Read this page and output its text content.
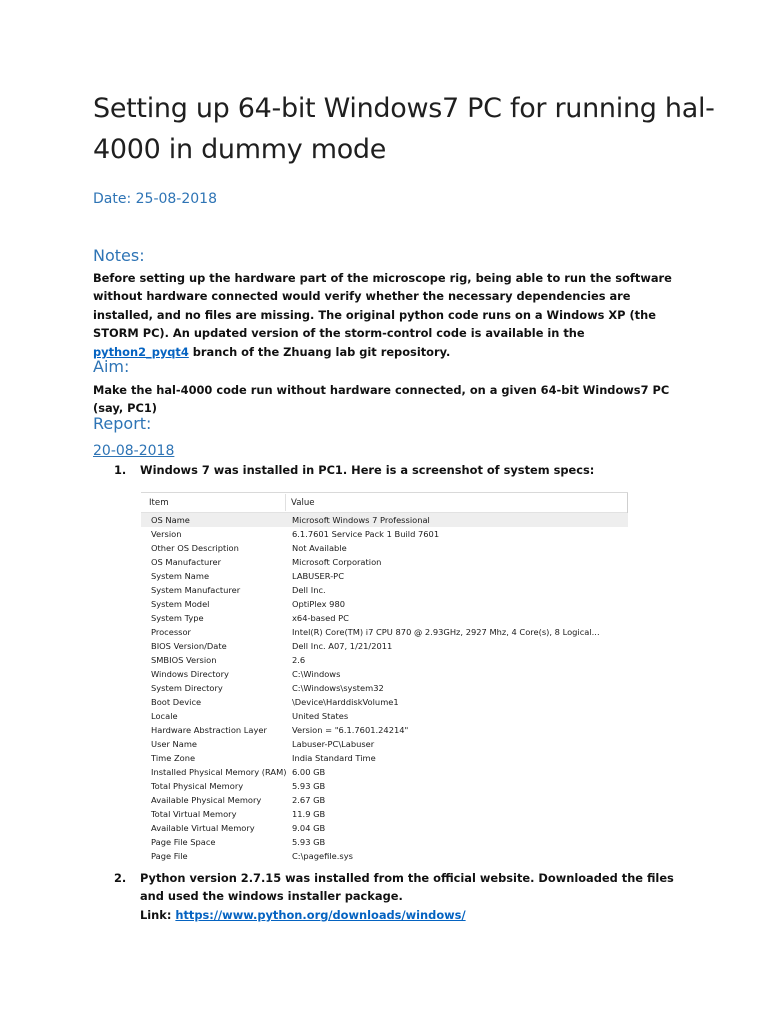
Setting up 64-bit Windows7 PC for running hal-4000 in dummy mode
Date: 25-08-2018
Notes:

Before setting up the hardware part of the microscope rig, being able to run the software without hardware connected would verify whether the necessary dependencies are installed, and no files are missing. The original python code runs on a Windows XP (the STORM PC). An updated version of the storm-control code is available in the python2_pyqt4 branch of the Zhuang lab git repository.

Aim:

Make the hal-4000 code run without hardware connected, on a given 64-bit Windows7 PC (say, PC1)

Report:
20-08-2018
1.	Windows 7 was installed in PC1. Here is a screenshot of system specs:
Item	Value
OS Name	Microsoft Windows 7 Professional
Version	6.1.7601 Service Pack 1 Build 7601
Other OS Description	Not Available
OS Manufacturer	Microsoft Corporation
System Name	LABUSER-PC
System Manufacturer	Dell Inc.
System Model	OptiPlex 980
System Type	x64-based PC
Processor	Intel(R) Core(TM) i7 CPU 870 @ 2.93GHz, 2927 Mhz, 4 Core(s), 8 Logical...
BIOS Version/Date	Dell Inc. A07, 1/21/2011
SMBIOS Version	2.6
Windows Directory	C:\Windows
System Directory	C:\Windows\system32
Boot Device	\Device\HarddiskVolume1
Locale	United States
Hardware Abstraction Layer	Version = "6.1.7601.24214"
User Name	Labuser-PC\Labuser
Time Zone	India Standard Time
Installed Physical Memory (RAM) 6.00 GB
Total Physical Memory	5.93 GB
Available Physical Memory	2.67 GB
Total Virtual Memory	11.9 GB
Available Virtual Memory	9.04 GB
Page File Space	5.93 GB
Page File	C:\pagefile.sys
2.	Python version 2.7.15 was installed from the official website. Downloaded the files and used the windows installer package.
Link: https://www.python.org/downloads/windows/
